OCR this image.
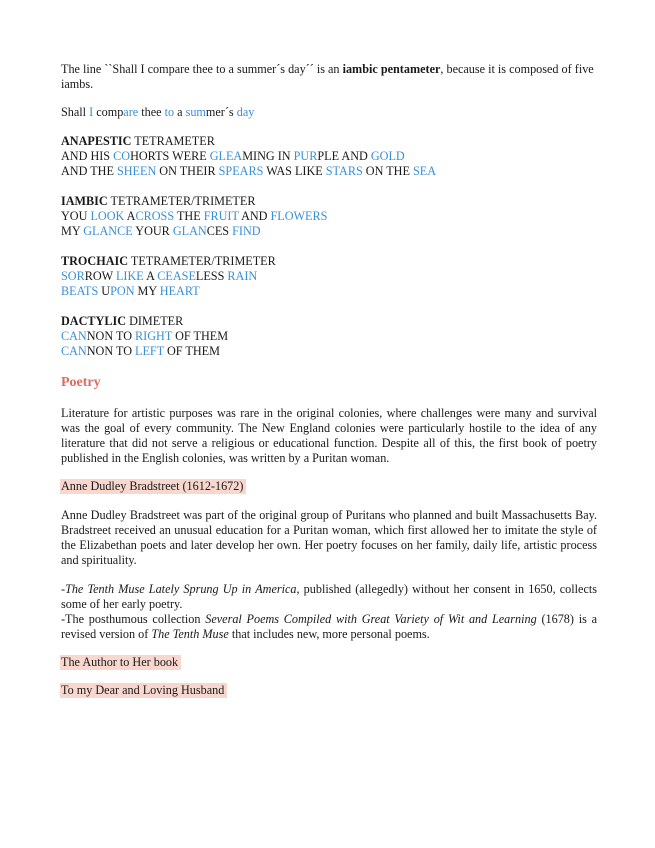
The line ``Shall I compare thee to a summer´s day´´ is an iambic pentameter, because it is composed of five iambs.

Shall I compare thee to a summer´s day

ANAPESTIC TETRAMETER

AND HIS COHORTS WERE GLEAMING IN PURPLE AND GOLD

AND THE SHEEN ON THEIR SPEARS WAS LIKE STARS ON THE SEA

IAMBIC TETRAMETER/TRIMETER

YOU LOOK ACROSS THE FRUIT AND FLOWERS

MY GLANCE YOUR GLANCES FIND

TROCHAIC TETRAMETER/TRIMETER

SORROW LIKE A CEASELESS RAIN

BEATS UPON MY HEART

DACTYLIC DIMETER

CANNON TO RIGHT OF THEM

CANNON TO LEFT OF THEM

Poetry

Literature for artistic purposes was rare in the original colonies, where challenges were many and survival was the goal of every community. The New England colonies were particularly hostile to the idea of any literature that did not serve a religious or educational function. Despite all of this, the first book of poetry published in the English colonies, was written by a Puritan woman.

Anne Dudley Bradstreet (1612-1672)

Anne Dudley Bradstreet was part of the original group of Puritans who planned and built Massachusetts Bay. Bradstreet received an unusual education for a Puritan woman, which first allowed her to imitate the style of the Elizabethan poets and later develop her own. Her poetry focuses on her family, daily life, artistic process and spirituality.

-The Tenth Muse Lately Sprung Up in America, published (allegedly) without her consent in 1650, collects some of her early poetry.
-The posthumous collection Several Poems Compiled with Great Variety of Wit and Learning (1678) is a revised version of The Tenth Muse that includes new, more personal poems.

The Author to Her book

To my Dear and Loving Husband
